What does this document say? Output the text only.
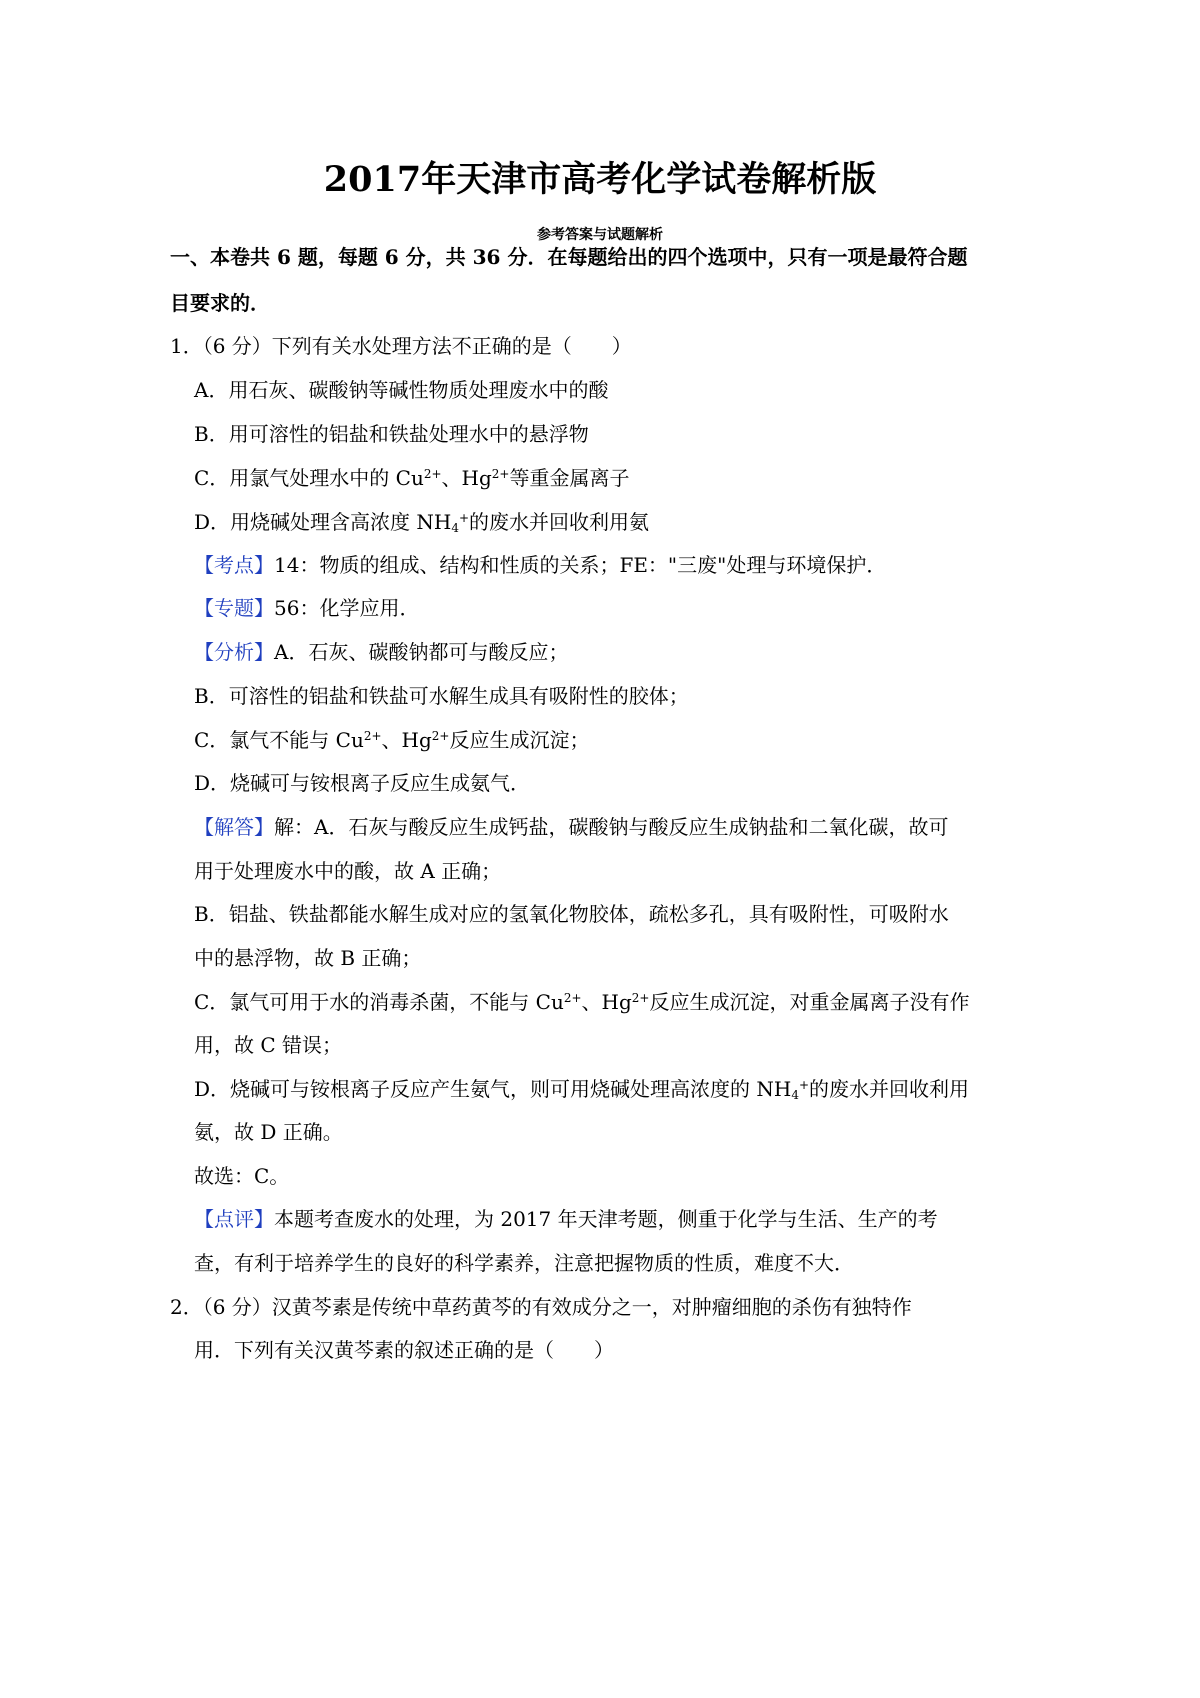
2017年天津市高考化学试卷解析版
参考答案与试题解析
一、本卷共 6 题，每题 6 分，共 36 分．在每题给出的四个选项中，只有一项是最符合题
目要求的．
1．（6 分）下列有关水处理方法不正确的是（　　）
A．用石灰、碳酸钠等碱性物质处理废水中的酸
B．用可溶性的铝盐和铁盐处理水中的悬浮物
C．用氯气处理水中的 $Cu^{2+}$、$Hg^{2+}$等重金属离子
D．用烧碱处理含高浓度 $NH_4^+$的废水并回收利用氨
【考点】14：物质的组成、结构和性质的关系；FE："三废"处理与环境保护．
【专题】56：化学应用．
【分析】A．石灰、碳酸钠都可与酸反应；
B．可溶性的铝盐和铁盐可水解生成具有吸附性的胶体；
C．氯气不能与 $Cu^{2+}$、$Hg^{2+}$反应生成沉淀；
D．烧碱可与铵根离子反应生成氨气．
【解答】解：A．石灰与酸反应生成钙盐，碳酸钠与酸反应生成钠盐和二氧化碳，故可
用于处理废水中的酸，故 A 正确；
B．铝盐、铁盐都能水解生成对应的氢氧化物胶体，疏松多孔，具有吸附性，可吸附水
中的悬浮物，故 B 正确；
C．氯气可用于水的消毒杀菌，不能与 $Cu^{2+}$、$Hg^{2+}$反应生成沉淀，对重金属离子没有作
用，故 C 错误；
D．烧碱可与铵根离子反应产生氨气，则可用烧碱处理高浓度的 $NH_4^+$的废水并回收利用
氨，故 D 正确。
故选：C。
【点评】本题考查废水的处理，为 2017 年天津考题，侧重于化学与生活、生产的考
查，有利于培养学生的良好的科学素养，注意把握物质的性质，难度不大．
2．（6 分）汉黄芩素是传统中草药黄芩的有效成分之一，对肿瘤细胞的杀伤有独特作
用．下列有关汉黄芩素的叙述正确的是（　　）
